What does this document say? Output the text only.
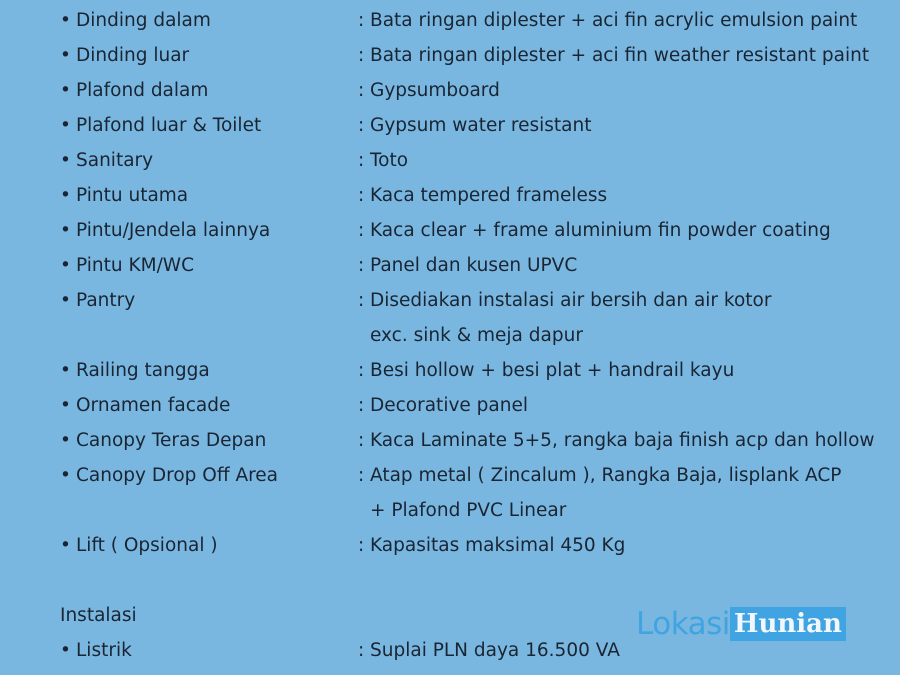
• Dinding dalam	: Bata ringan diplester + aci fin acrylic emulsion paint
• Dinding luar	: Bata ringan diplester + aci fin weather resistant paint
• Plafond dalam	: Gypsumboard
• Plafond luar & Toilet	: Gypsum water resistant
• Sanitary	: Toto
• Pintu utama	: Kaca tempered frameless
• Pintu/Jendela lainnya	: Kaca clear + frame aluminium fin powder coating
• Pintu KM/WC	: Panel dan kusen UPVC
• Pantry	: Disediakan instalasi air bersih dan air kotor
exc. sink & meja dapur
• Railing tangga	: Besi hollow + besi plat + handrail kayu
• Ornamen facade	: Decorative panel
• Canopy Teras Depan	: Kaca Laminate 5+5, rangka baja finish acp dan hollow
• Canopy Drop Off Area	: Atap metal ( Zincalum ), Rangka Baja, lisplank ACP
+ Plafond PVC Linear
• Lift ( Opsional )	: Kapasitas maksimal 450 Kg
Instalasi
• Listrik	: Suplai PLN daya 16.500 VA
Lokasi Hunian
